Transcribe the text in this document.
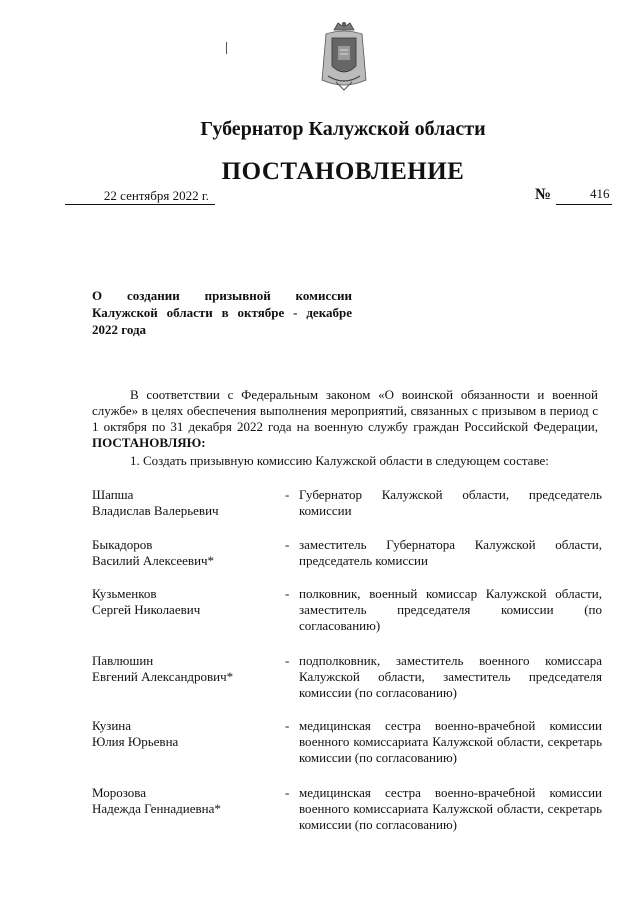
Губернатор Калужской области
ПОСТАНОВЛЕНИЕ
22 сентября 2022 г.	№	416
О создании призывной комиссии Калужской области в октябре - декабре 2022 года
В соответствии с Федеральным законом «О воинской обязанности и военной службе» в целях обеспечения выполнения мероприятий, связанных с призывом в период с 1 октября по 31 декабря 2022 года на военную службу граждан Российской Федерации, ПОСТАНОВЛЯЮ:
1. Создать призывную комиссию Калужской области в следующем составе:
Шапша
Владислав Валерьевич
- Губернатор Калужской области, председатель комиссии
Быкадоров
Василий Алексеевич*
- заместитель Губернатора Калужской области, председатель комиссии
Кузьменков
Сергей Николаевич
- полковник, военный комиссар Калужской области, заместитель председателя комиссии (по согласованию)
Павлюшин
Евгений Александрович*
- подполковник, заместитель военного комиссара Калужской области, заместитель председателя комиссии (по согласованию)
Кузина
Юлия Юрьевна
- медицинская сестра военно-врачебной комиссии военного комиссариата Калужской области, секретарь комиссии (по согласованию)
Морозова
Надежда Геннадиевна*
- медицинская сестра военно-врачебной комиссии военного комиссариата Калужской области, секретарь комиссии (по согласованию)
